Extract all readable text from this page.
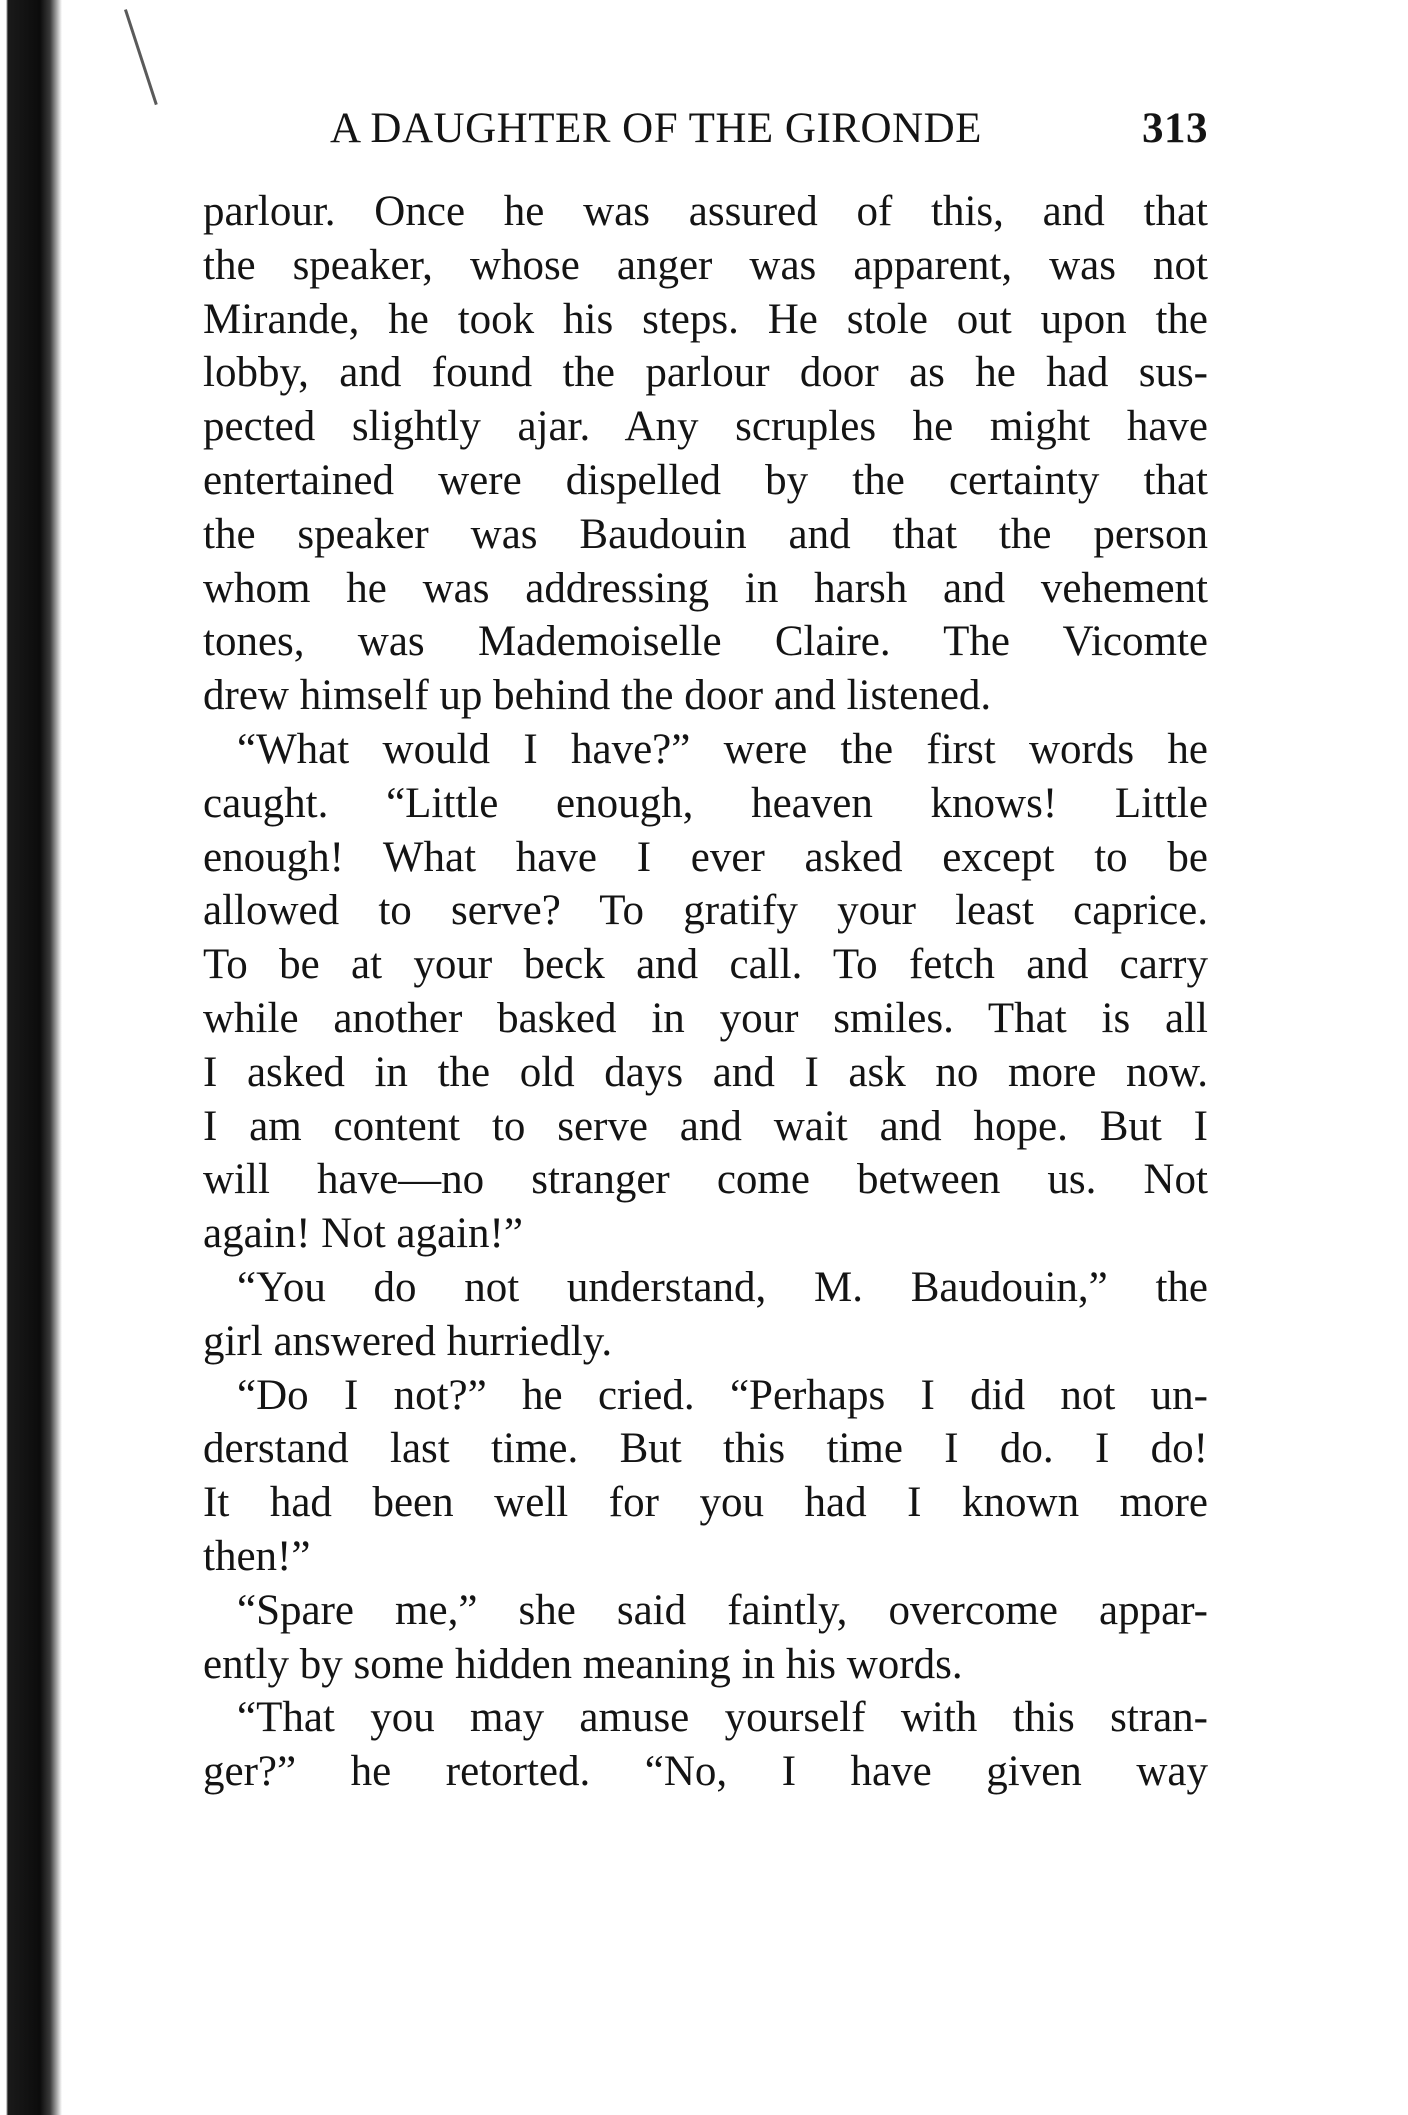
A DAUGHTER OF THE GIRONDE	313
parlour. Once he was assured of this, and that
the speaker, whose anger was apparent, was not
Mirande, he took his steps. He stole out upon the
lobby, and found the parlour door as he had sus-
pected slightly ajar. Any scruples he might have
entertained were dispelled by the certainty that
the speaker was Baudouin and that the person
whom he was addressing in harsh and vehement
tones, was Mademoiselle Claire. The Vicomte
drew himself up behind the door and listened.
“What would I have?” were the first words he
caught. “Little enough, heaven knows! Little
enough! What have I ever asked except to be
allowed to serve? To gratify your least caprice.
To be at your beck and call. To fetch and carry
while another basked in your smiles. That is all
I asked in the old days and I ask no more now.
I am content to serve and wait and hope. But I
will have—no stranger come between us. Not
again! Not again!”
“You do not understand, M. Baudouin,” the
girl answered hurriedly.
“Do I not?” he cried. “Perhaps I did not un-
derstand last time. But this time I do. I do!
It had been well for you had I known more
then!”
“Spare me,” she said faintly, overcome appar-
ently by some hidden meaning in his words.
“That you may amuse yourself with this stran-
ger?” he retorted. “No, I have given way
